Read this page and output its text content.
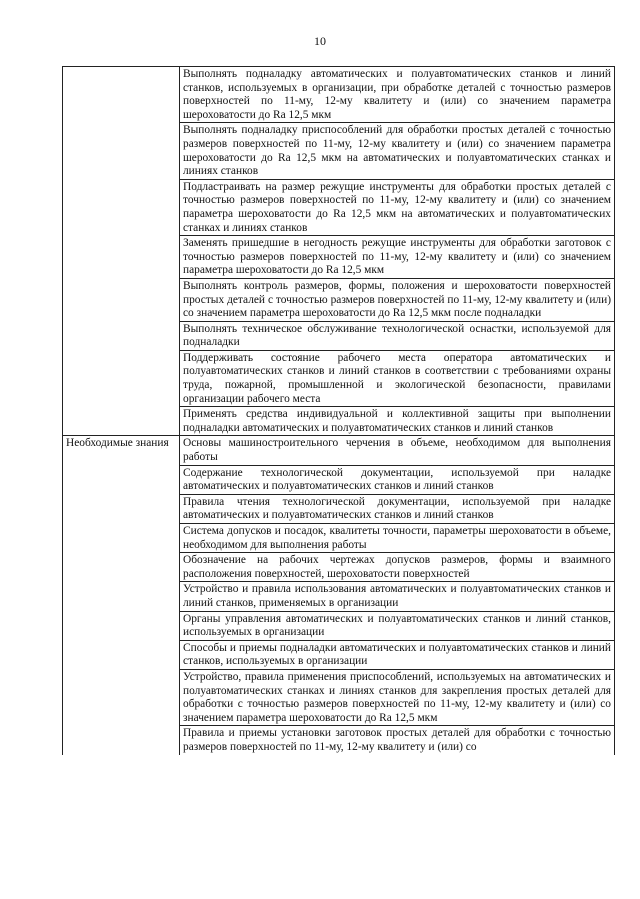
10
	Выполнять подналадку автоматических и полуавтоматических станков и линий станков, используемых в организации, при обработке деталей с точностью размеров поверхностей по 11-му, 12-му квалитету и (или) со значением параметра шероховатости до Ra 12,5 мкм
	Выполнять подналадку приспособлений для обработки простых деталей с точностью размеров поверхностей по 11-му, 12-му квалитету и (или) со значением параметра шероховатости до Ra 12,5 мкм на автоматических и полуавтоматических станках и линиях станков
	Подластраивать на размер режущие инструменты для обработки простых деталей с точностью размеров поверхностей по 11-му, 12-му квалитету и (или) со значением параметра шероховатости до Ra 12,5 мкм на автоматических и полуавтоматических станках и линиях станков
	Заменять пришедшие в негодность режущие инструменты для обработки заготовок с точностью размеров поверхностей по 11-му, 12-му квалитету и (или) со значением параметра шероховатости до Ra 12,5 мкм
	Выполнять контроль размеров, формы, положения и шероховатости поверхностей простых деталей с точностью размеров поверхностей по 11-му, 12-му квалитету и (или) со значением параметра шероховатости до Ra 12,5 мкм после подналадки
	Выполнять техническое обслуживание технологической оснастки, используемой для подналадки
	Поддерживать состояние рабочего места оператора автоматических и полуавтоматических станков и линий станков в соответствии с требованиями охраны труда, пожарной, промышленной и экологической безопасности, правилами организации рабочего места
	Применять средства индивидуальной и коллективной защиты при выполнении подналадки автоматических и полуавтоматических станков и линий станков
Необходимые знания	Основы машиностроительного черчения в объеме, необходимом для выполнения работы
	Содержание технологической документации, используемой при наладке автоматических и полуавтоматических станков и линий станков
	Правила чтения технологической документации, используемой при наладке автоматических и полуавтоматических станков и линий станков
	Система допусков и посадок, квалитеты точности, параметры шероховатости в объеме, необходимом для выполнения работы
	Обозначение на рабочих чертежах допусков размеров, формы и взаимного расположения поверхностей, шероховатости поверхностей
	Устройство и правила использования автоматических и полуавтоматических станков и линий станков, применяемых в организации
	Органы управления автоматических и полуавтоматических станков и линий станков, используемых в организации
	Способы и приемы подналадки автоматических и полуавтоматических станков и линий станков, используемых в организации
	Устройство, правила применения приспособлений, используемых на автоматических и полуавтоматических станках и линиях станков для закрепления простых деталей для обработки с точностью размеров поверхностей по 11-му, 12-му квалитету и (или) со значением параметра шероховатости до Ra 12,5 мкм
	Правила и приемы установки заготовок простых деталей для обработки с точностью размеров поверхностей по 11-му, 12-му квалитету и (или) со
